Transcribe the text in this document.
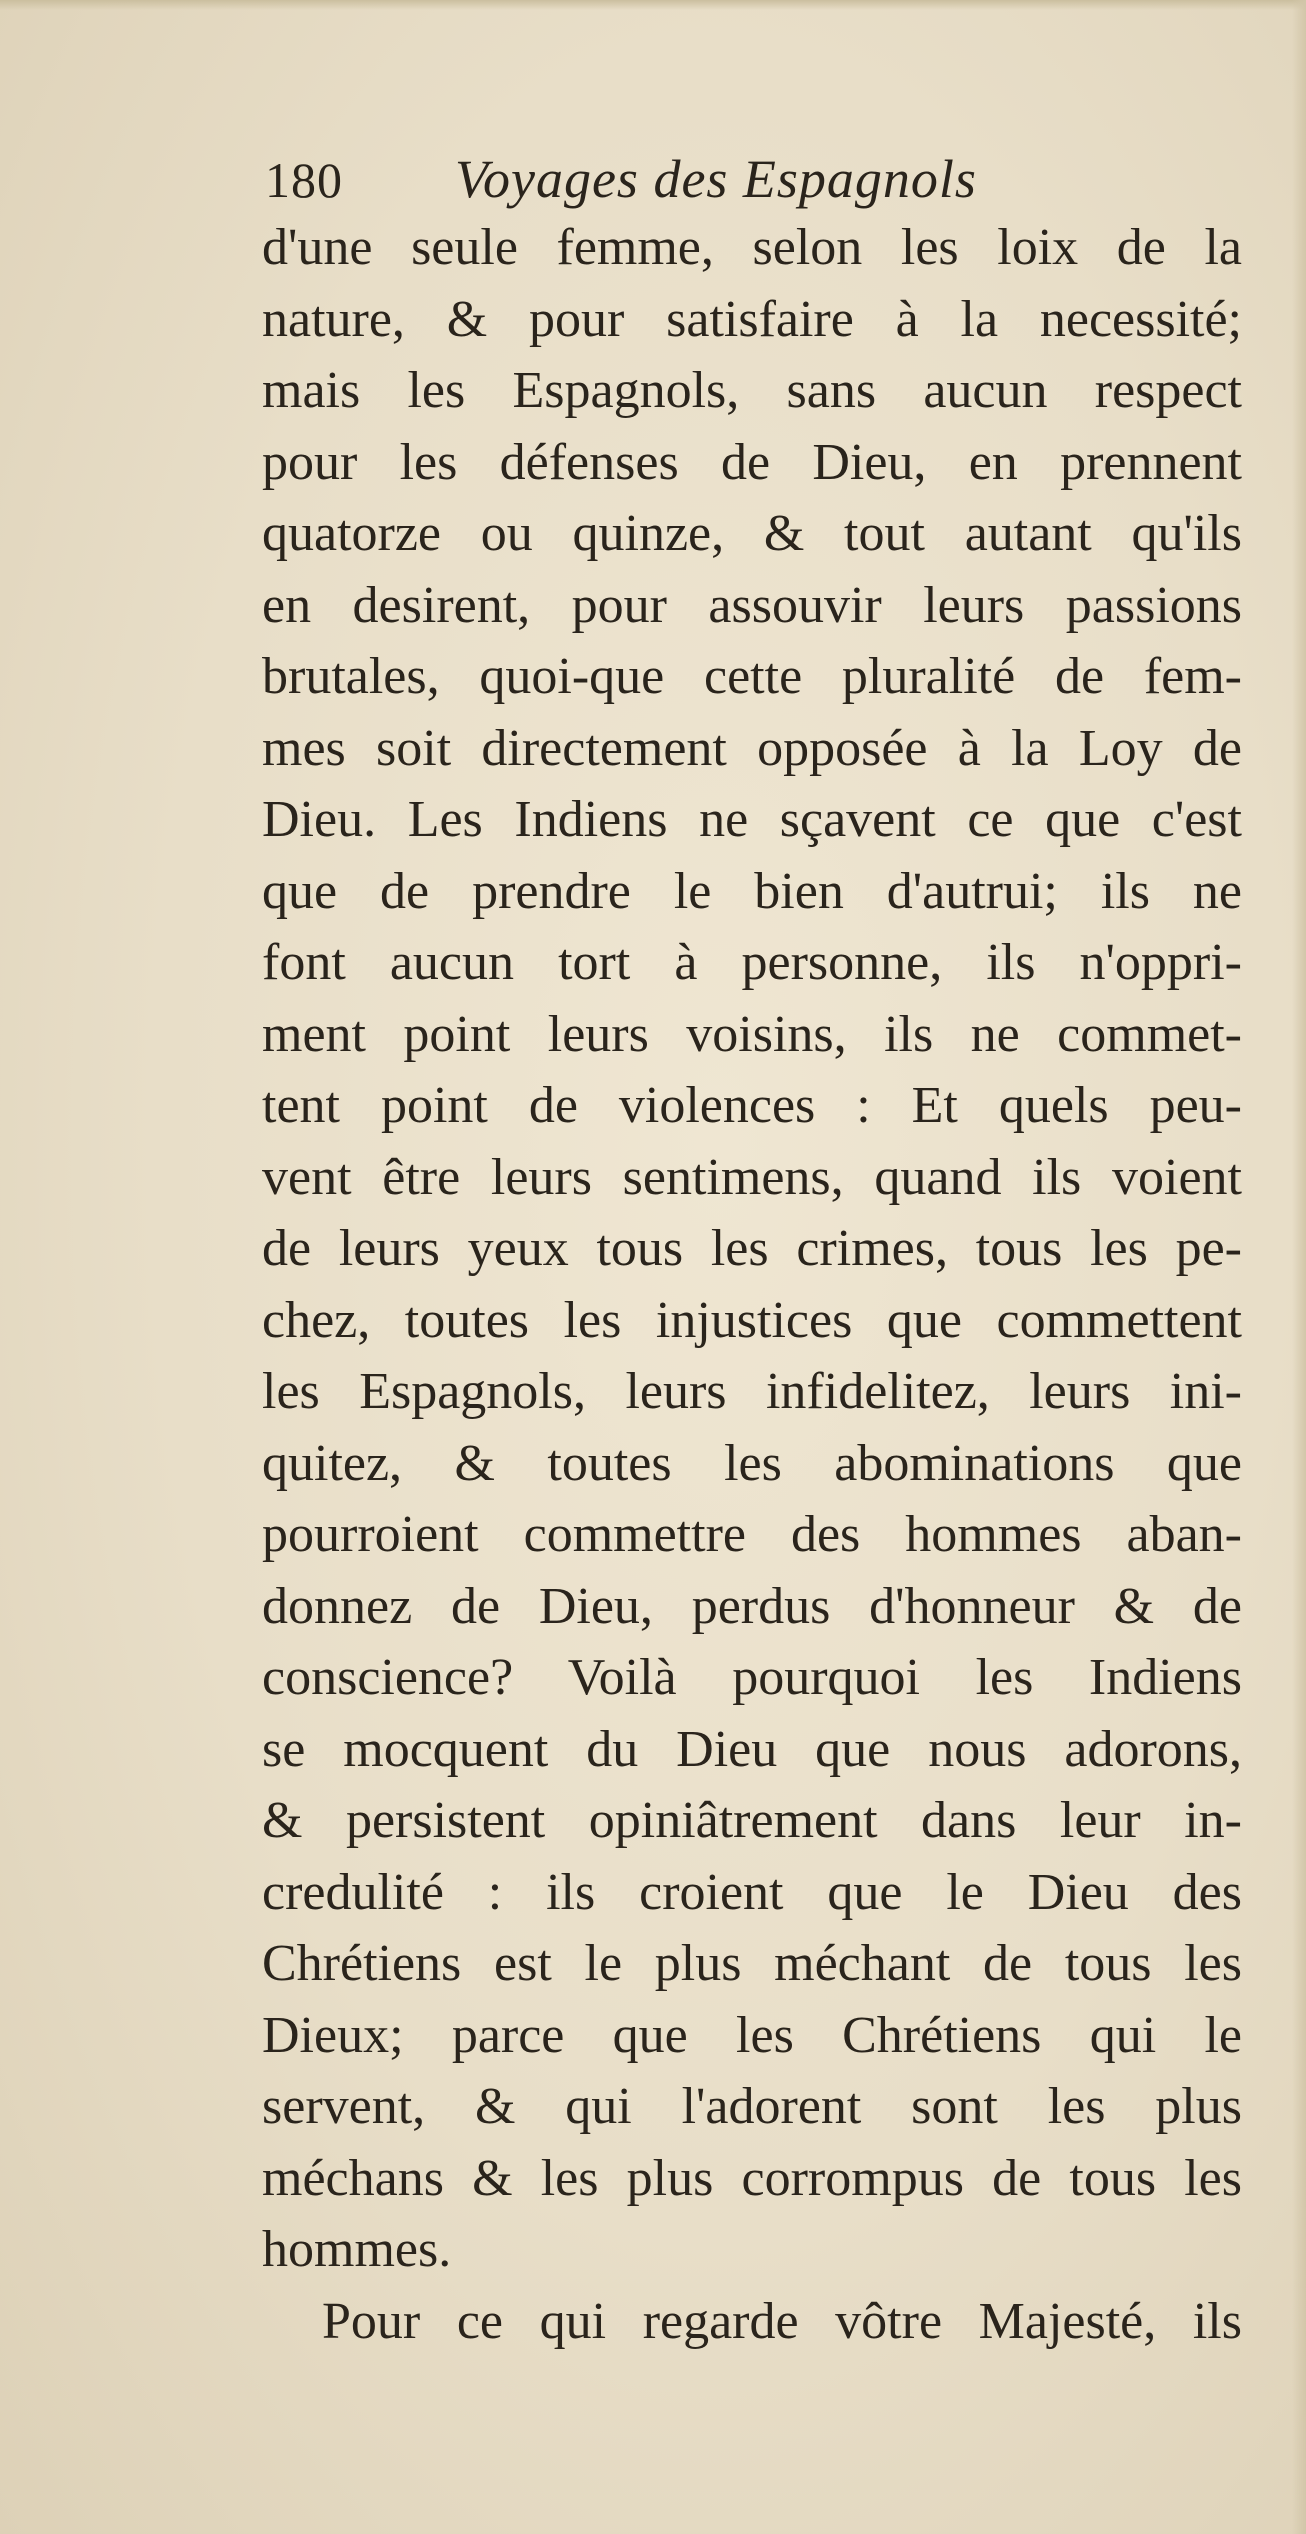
180 Voyages des Espagnols
d'une seule femme, selon les loix de la
nature, & pour satisfaire à la necessité;
mais les Espagnols, sans aucun respect
pour les défenses de Dieu, en prennent
quatorze ou quinze, & tout autant qu'ils
en desirent, pour assouvir leurs passions
brutales, quoi-que cette pluralité de fem-
mes soit directement opposée à la Loy de
Dieu. Les Indiens ne sçavent ce que c'est
que de prendre le bien d'autrui; ils ne
font aucun tort à personne, ils n'oppri-
ment point leurs voisins, ils ne commet-
tent point de violences : Et quels peu-
vent être leurs sentimens, quand ils voient
de leurs yeux tous les crimes, tous les pe-
chez, toutes les injustices que commettent
les Espagnols, leurs infidelitez, leurs ini-
quitez, & toutes les abominations que
pourroient commettre des hommes aban-
donnez de Dieu, perdus d'honneur & de
conscience? Voilà pourquoi les Indiens
se mocquent du Dieu que nous adorons,
& persistent opiniâtrement dans leur in-
credulité : ils croient que le Dieu des
Chrétiens est le plus méchant de tous les
Dieux; parce que les Chrétiens qui le
servent, & qui l'adorent sont les plus
méchans & les plus corrompus de tous les
hommes.
Pour ce qui regarde vôtre Majesté, ils
